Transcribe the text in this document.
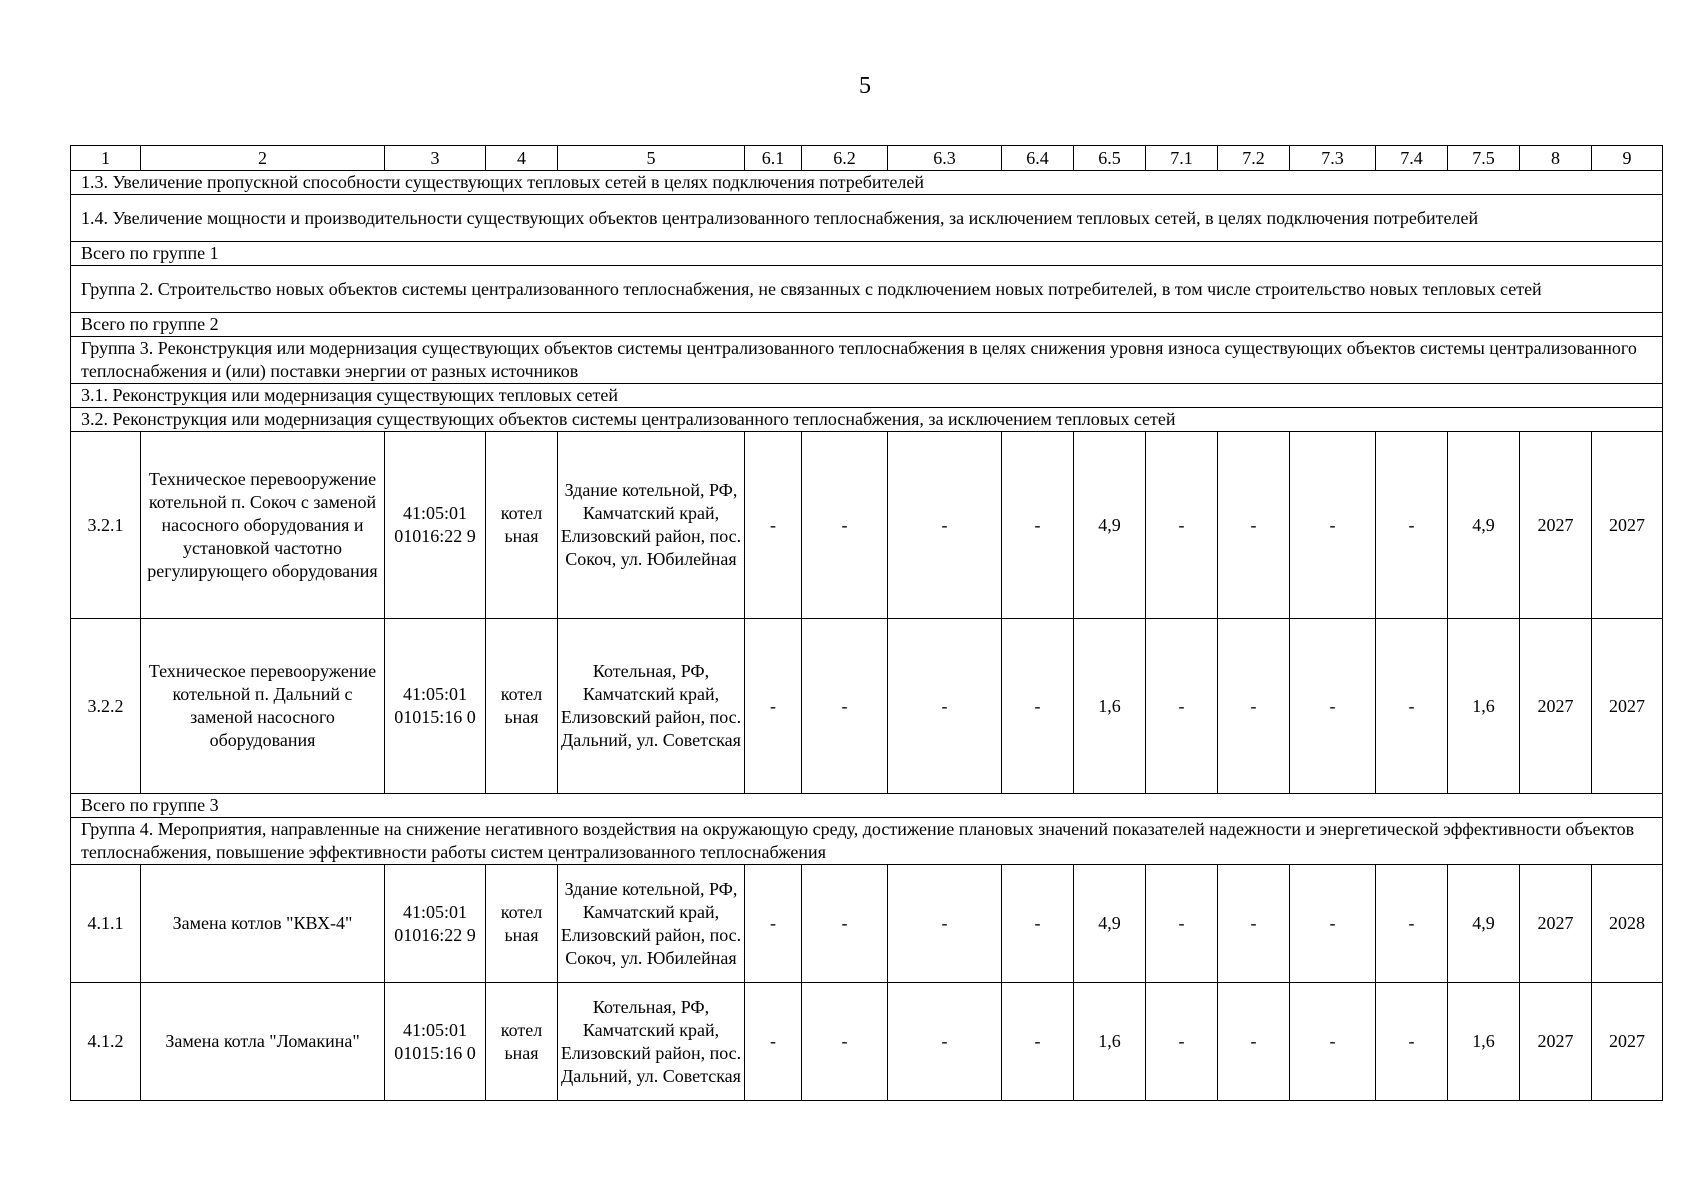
5
1	2	3	4	5	6.1	6.2	6.3	6.4	6.5	7.1	7.2	7.3	7.4	7.5	8	9
1.3. Увеличение пропускной способности существующих тепловых сетей в целях подключения потребителей																
1.4. Увеличение мощности и производительности существующих объектов централизованного теплоснабжения, за исключением тепловых сетей, в целях подключения потребителей																
Всего по группе 1																
Группа 2. Строительство новых объектов системы централизованного теплоснабжения, не связанных с подключением новых потребителей, в том числе строительство новых тепловых сетей																
Всего по группе 2																
Группа 3. Реконструкция или модернизация существующих объектов системы централизованного теплоснабжения в целях снижения уровня износа существующих объектов системы централизованного теплоснабжения и (или) поставки энергии от разных источников																
3.1. Реконструкция или модернизация существующих тепловых сетей																
3.2. Реконструкция или модернизация существующих объектов системы централизованного теплоснабжения, за исключением тепловых сетей																
3.2.1	Техническое перевооружение котельной п. Сокоч с заменой насосного оборудования и установкой частотно регулирующего оборудования	41:05:01 01016:22 9	котел ьная	Здание котельной, РФ, Камчатский край, Елизовский район, пос. Сокоч, ул. Юбилейная	-	-	-	-	4,9	-	-	-	-	4,9	2027	2027
3.2.2	Техническое перевооружение котельной п. Дальний с заменой насосного оборудования	41:05:01 01015:16 0	котел ьная	Котельная, РФ, Камчатский край, Елизовский район, пос. Дальний, ул. Советская	-	-	-	-	1,6	-	-	-	-	1,6	2027	2027
Всего по группе 3																
Группа 4. Мероприятия, направленные на снижение негативного воздействия на окружающую среду, достижение плановых значений показателей надежности и энергетической эффективности объектов теплоснабжения, повышение эффективности работы систем централизованного теплоснабжения																
4.1.1	Замена котлов "КВХ-4"	41:05:01 01016:22 9	котел ьная	Здание котельной, РФ, Камчатский край, Елизовский район, пос. Сокоч, ул. Юбилейная	-	-	-	-	4,9	-	-	-	-	4,9	2027	2028
4.1.2	Замена котла "Ломакина"	41:05:01 01015:16 0	котел ьная	Котельная, РФ, Камчатский край, Елизовский район, пос. Дальний, ул. Советская	-	-	-	-	1,6	-	-	-	-	1,6	2027	2027
